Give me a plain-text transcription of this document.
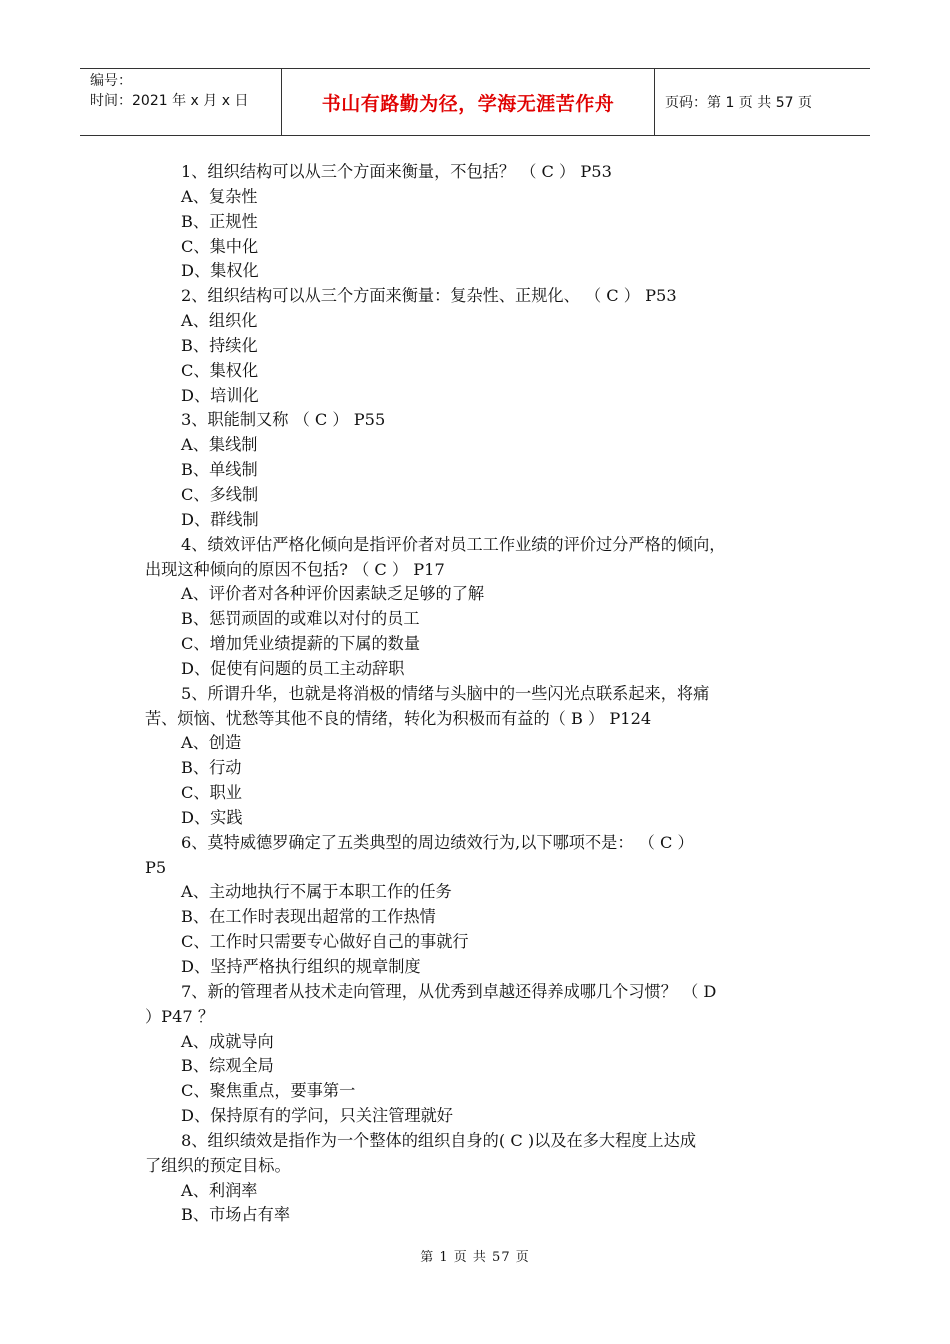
编号：
时间：2021 年 x 月 x 日	书山有路勤为径，学海无涯苦作舟	页码：第 1 页 共 57 页
1、组织结构可以从三个方面来衡量，不包括？ （ C ） P53
A、复杂性
B、正规性
C、集中化
D、集权化
2、组织结构可以从三个方面来衡量：复杂性、正规化、 （ C ） P53
A、组织化
B、持续化
C、集权化
D、培训化
3、职能制又称 （ C ） P55
A、集线制
B、单线制
C、多线制
D、群线制
4、绩效评估严格化倾向是指评价者对员工工作业绩的评价过分严格的倾向，
出现这种倾向的原因不包括? （ C ） P17
A、评价者对各种评价因素缺乏足够的了解
B、惩罚顽固的或难以对付的员工
C、增加凭业绩提薪的下属的数量
D、促使有问题的员工主动辞职
5、所谓升华，也就是将消极的情绪与头脑中的一些闪光点联系起来，将痛
苦、烦恼、忧愁等其他不良的情绪，转化为积极而有益的（ B ） P124
A、创造
B、行动
C、职业
D、实践
6、莫特威德罗确定了五类典型的周边绩效行为,以下哪项不是： （ C ）
P5
A、主动地执行不属于本职工作的任务
B、在工作时表现出超常的工作热情
C、工作时只需要专心做好自己的事就行
D、坚持严格执行组织的规章制度
7、新的管理者从技术走向管理，从优秀到卓越还得养成哪几个习惯？ （ D
）P47 ？
A、成就导向
B、综观全局
C、聚焦重点，要事第一
D、保持原有的学问，只关注管理就好
8、组织绩效是指作为一个整体的组织自身的( C )以及在多大程度上达成
了组织的预定目标。
A、利润率
B、市场占有率
第 1 页 共 57 页
